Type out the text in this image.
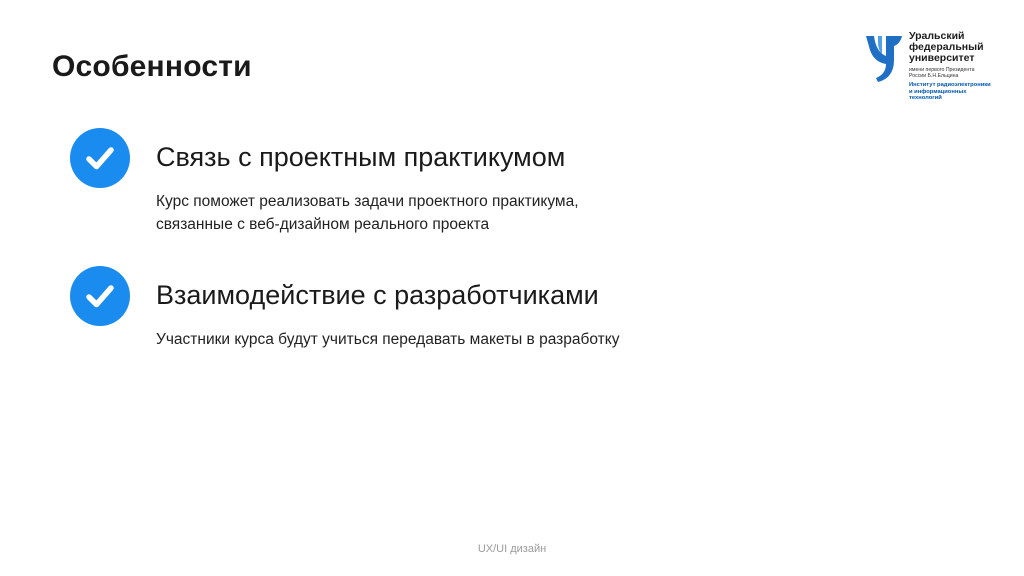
Особенности
Уральский
федеральный
университет
имени первого Президента
России Б.Н.Ельцина
Институт радиоэлектроники
и информационных
технологий
Связь с проектным практикумом
Курс поможет реализовать задачи проектного практикума,
связанные с веб-дизайном реального проекта
Взаимодействие с разработчиками
Участники курса будут учиться передавать макеты в разработку
UX/UI дизайн
